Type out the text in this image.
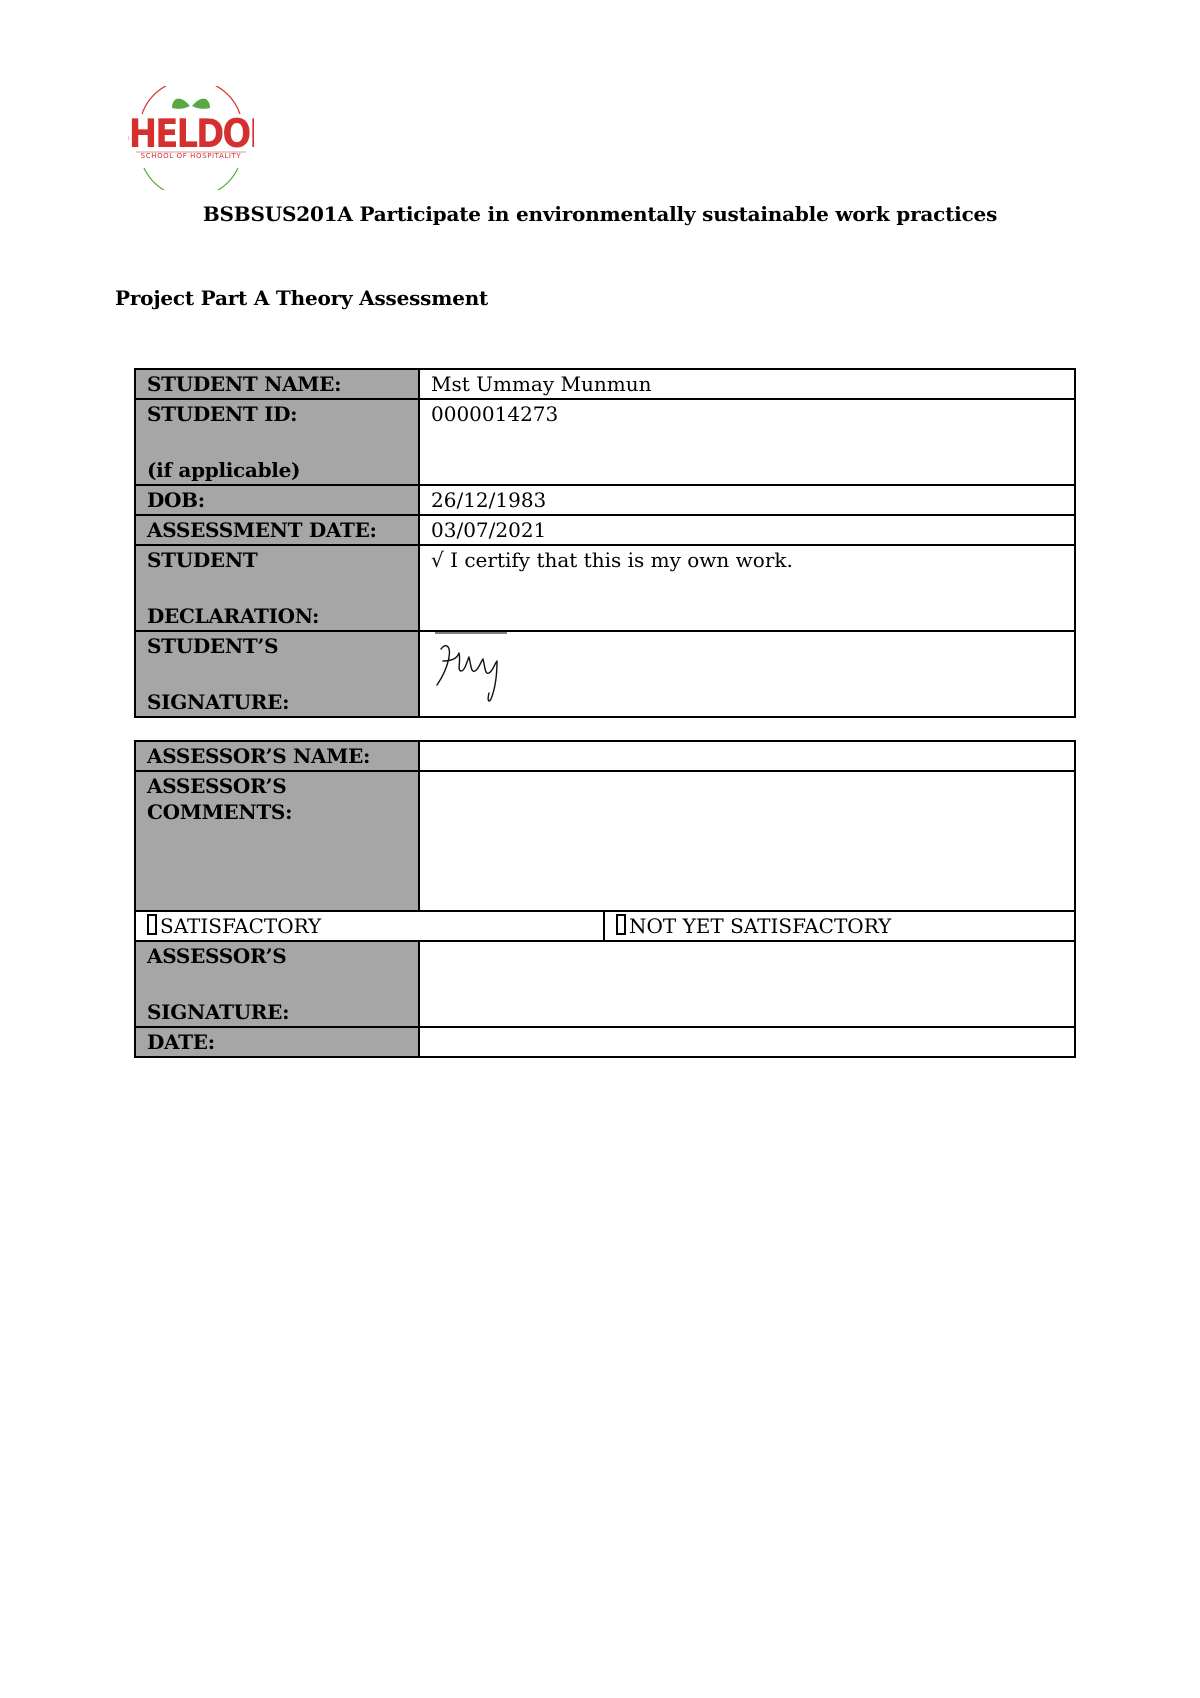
HELDO
SCHOOL OF HOSPITALITY
BSBSUS201A Participate in environmentally sustainable work practices
Project Part A Theory Assessment
STUDENT NAME:	Mst Ummay Munmun

STUDENT ID:
(if applicable)	0000014273
DOB:	26/12/1983
ASSESSMENT DATE:	03/07/2021

STUDENT
DECLARATION:	√ I certify that this is my own work.

STUDENT’S
SIGNATURE:

ASSESSOR’S NAME:		

ASSESSOR’S
COMMENTS:		

SATISFACTORY		NOT YET SATISFACTORY

ASSESSOR’S
SIGNATURE:		

DATE:		
